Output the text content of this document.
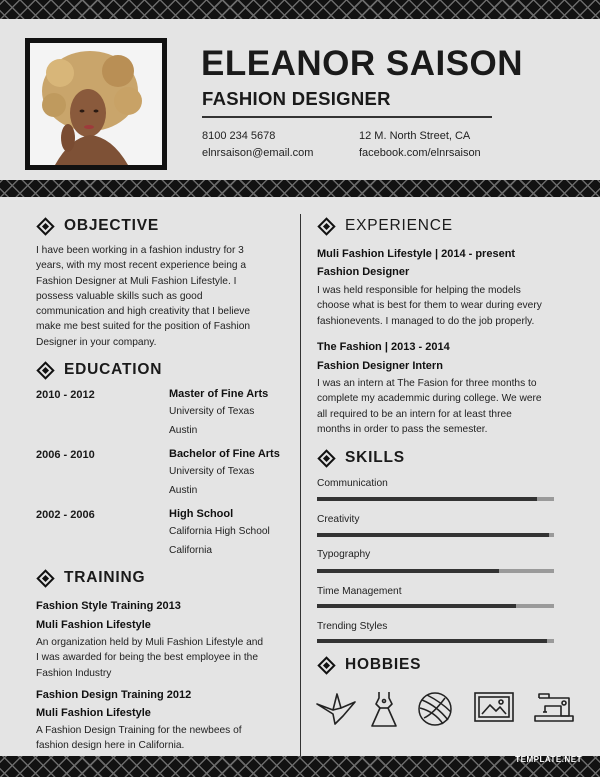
ELEANOR SAISON
FASHION DESIGNER
8100 234 5678
elnrsaison@email.com
12 M. North Street, CA
facebook.com/elnrsaison
OBJECTIVE
I have been working in a fashion industry for 3
years, with my most recent experience being a
Fashion Designer at Muli Fashion Lifestyle. I
possess valuable skills such as good
communication and high creativity that I believe
make me best suited for the position of Fashion
Designer in your company.
EDUCATION
2010 - 2012	Master of Fine Arts
University of Texas
Austin
2006 - 2010	Bachelor of Fine Arts
University of Texas
Austin
2002 - 2006	High School
California High School
California
TRAINING
Fashion Style Training 2013
Muli Fashion Lifestyle
An organization held by Muli Fashion Lifestyle and
I was awarded for being the best employee in the
Fashion Industry
Fashion Design Training 2012
Muli Fashion Lifestyle
A Fashion Design Training for the newbees of
fashion design here in California.
EXPERIENCE
Muli Fashion Lifestyle | 2014 - present
Fashion Designer
I was held responsible for helping the models
choose what is best for them to wear during every
fashionevents. I managed to do the job properly.
The Fashion | 2013 - 2014
Fashion Designer Intern
I was an intern at The Fasion for three months to
complete my academmic during college. We were
all required to be an intern for at least three
months in order to pass the semester.
SKILLS
Communication
Creativity
Typography
Time Management
Trending Styles
HOBBIES
TEMPLATE.NET
